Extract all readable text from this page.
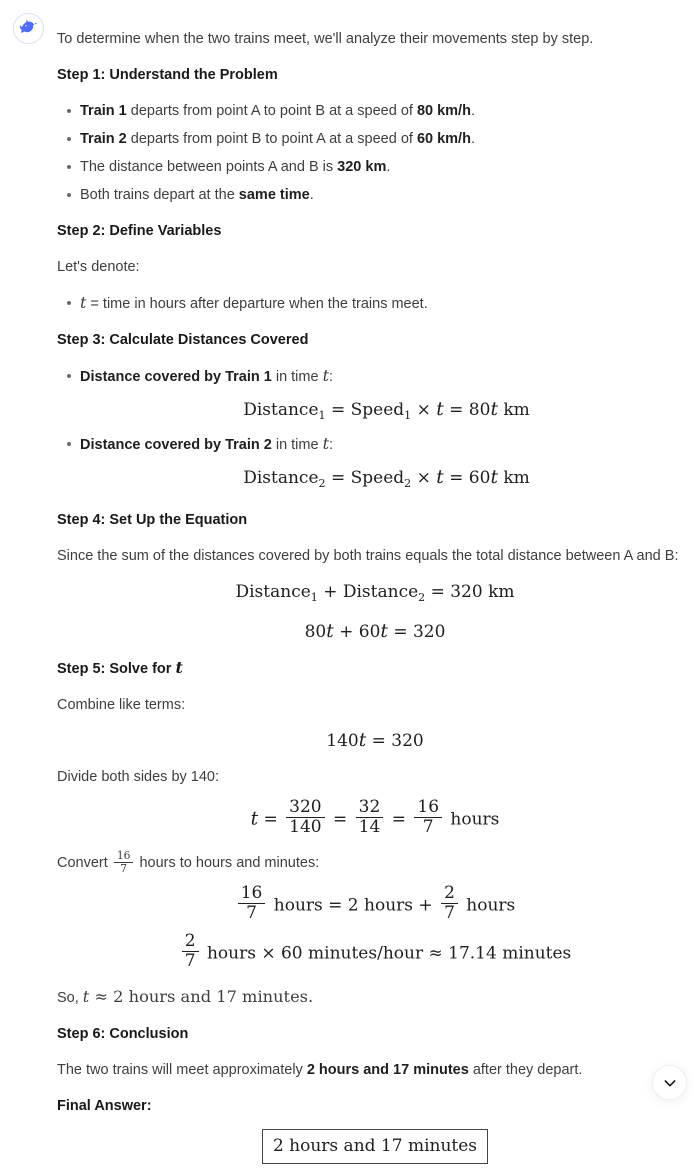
To determine when the two trains meet, we'll analyze their movements step by step.

Step 1: Understand the Problem
Train 1 departs from point A to point B at a speed of 80 km/h.
Train 2 departs from point B to point A at a speed of 60 km/h.
The distance between points A and B is 320 km.
Both trains depart at the same time.
Step 2: Define Variables

Let's denote:

t = time in hours after departure when the trains meet.
Step 3: Calculate Distances Covered
Distance covered by Train 1 in time t:
Distance$_1$ = Speed$_1$ × t = 80t km
Distance covered by Train 2 in time t:
Distance$_2$ = Speed$_2$ × t = 60t km
Step 4: Set Up the Equation

Since the sum of the distances covered by both trains equals the total distance between A and B:

Distance$_1$ + Distance$_2$ = 320 km
80t + 60t = 320
Step 5: Solve for t

Combine like terms:

140t = 320

Divide both sides by 140:

$t = \frac{320}{140} = \frac{32}{14} = \frac{16}{7}$ hours

Convert $\frac{16}{7}$ hours to hours and minutes:

$\frac{16}{7}$ hours = 2 hours + $\frac{2}{7}$ hours
$\frac{2}{7}$ hours × 60 minutes/hour ≈ 17.14 minutes

So, t ≈ 2 hours and 17 minutes.

Step 6: Conclusion

The two trains will meet approximately 2 hours and 17 minutes after they depart.

Final Answer:
2 hours and 17 minutes
